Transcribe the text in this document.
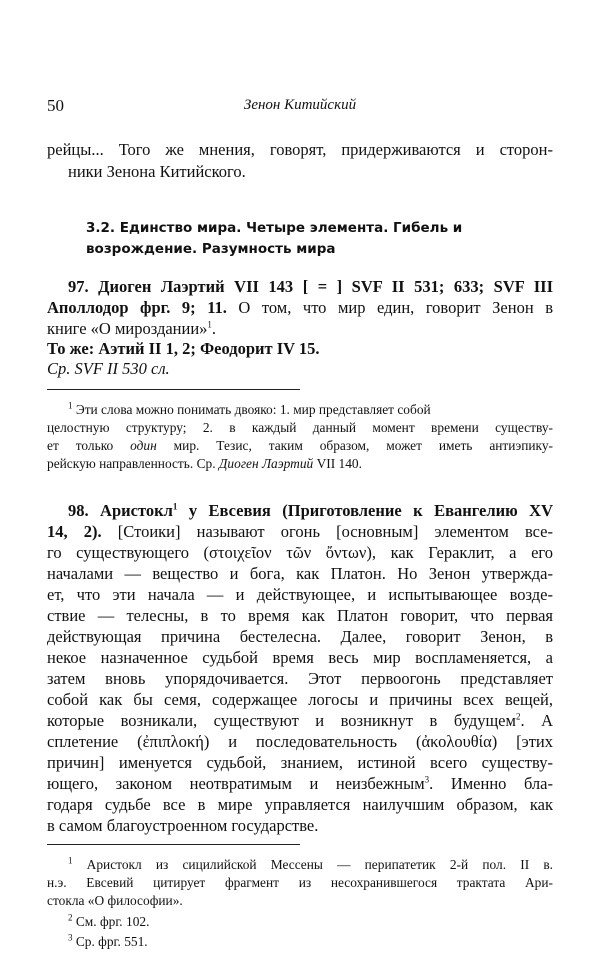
50	Зенон Китийский
рейцы... Того же мнения, говорят, придерживаются и сторон-
ники Зенона Китийского.
3.2. Единство мира. Четыре элемента. Гибель и
возрождение. Разумность мира
97. Диоген Лаэртий VII 143 [ = ] SVF II 531; 633; SVF III
Аполлодор фрг. 9; 11. О том, что мир един, говорит Зенон в
книге «О мироздании»$^1$.
То же: Аэтий II 1, 2; Феодорит IV 15.
Ср. SVF II 530 сл.
$^1$ Эти слова можно понимать двояко: 1. мир представляет собой
целостную структуру; 2. в каждый данный момент времени существу-
ет только один мир. Тезис, таким образом, может иметь антиэпику-
рейскую направленность. Ср. Диоген Лаэртий VII 140.
98. Аристокл$^1$ у Евсевия (Приготовление к Евангелию XV
14, 2). [Стоики] называют огонь [основным] элементом все-
го существующего (στοιχεῖον τῶν ὄντων), как Гераклит, а его
началами — вещество и бога, как Платон. Но Зенон утвержда-
ет, что эти начала — и действующее, и испытывающее возде-
ствие — телесны, в то время как Платон говорит, что первая
действующая причина бестелесна. Далее, говорит Зенон, в
некое назначенное судьбой время весь мир воспламеняется, а
затем вновь упорядочивается. Этот первоогонь представляет
собой как бы семя, содержащее логосы и причины всех вещей,
которые возникали, существуют и возникнут в будущем$^2$. А
сплетение (ἐπιπλοκή) и последовательность (ἀκολουθία) [этих
причин] именуется судьбой, знанием, истиной всего существу-
ющего, законом неотвратимым и неизбежным$^3$. Именно бла-
годаря судьбе все в мире управляется наилучшим образом, как
в самом благоустроенном государстве.
$^1$ Аристокл из сицилийской Мессены — перипатетик 2-й пол. II в.
н.э. Евсевий цитирует фрагмент из несохранившегося трактата Ари-
стокла «О философии».
$^2$ См. фрг. 102.
$^3$ Ср. фрг. 551.
